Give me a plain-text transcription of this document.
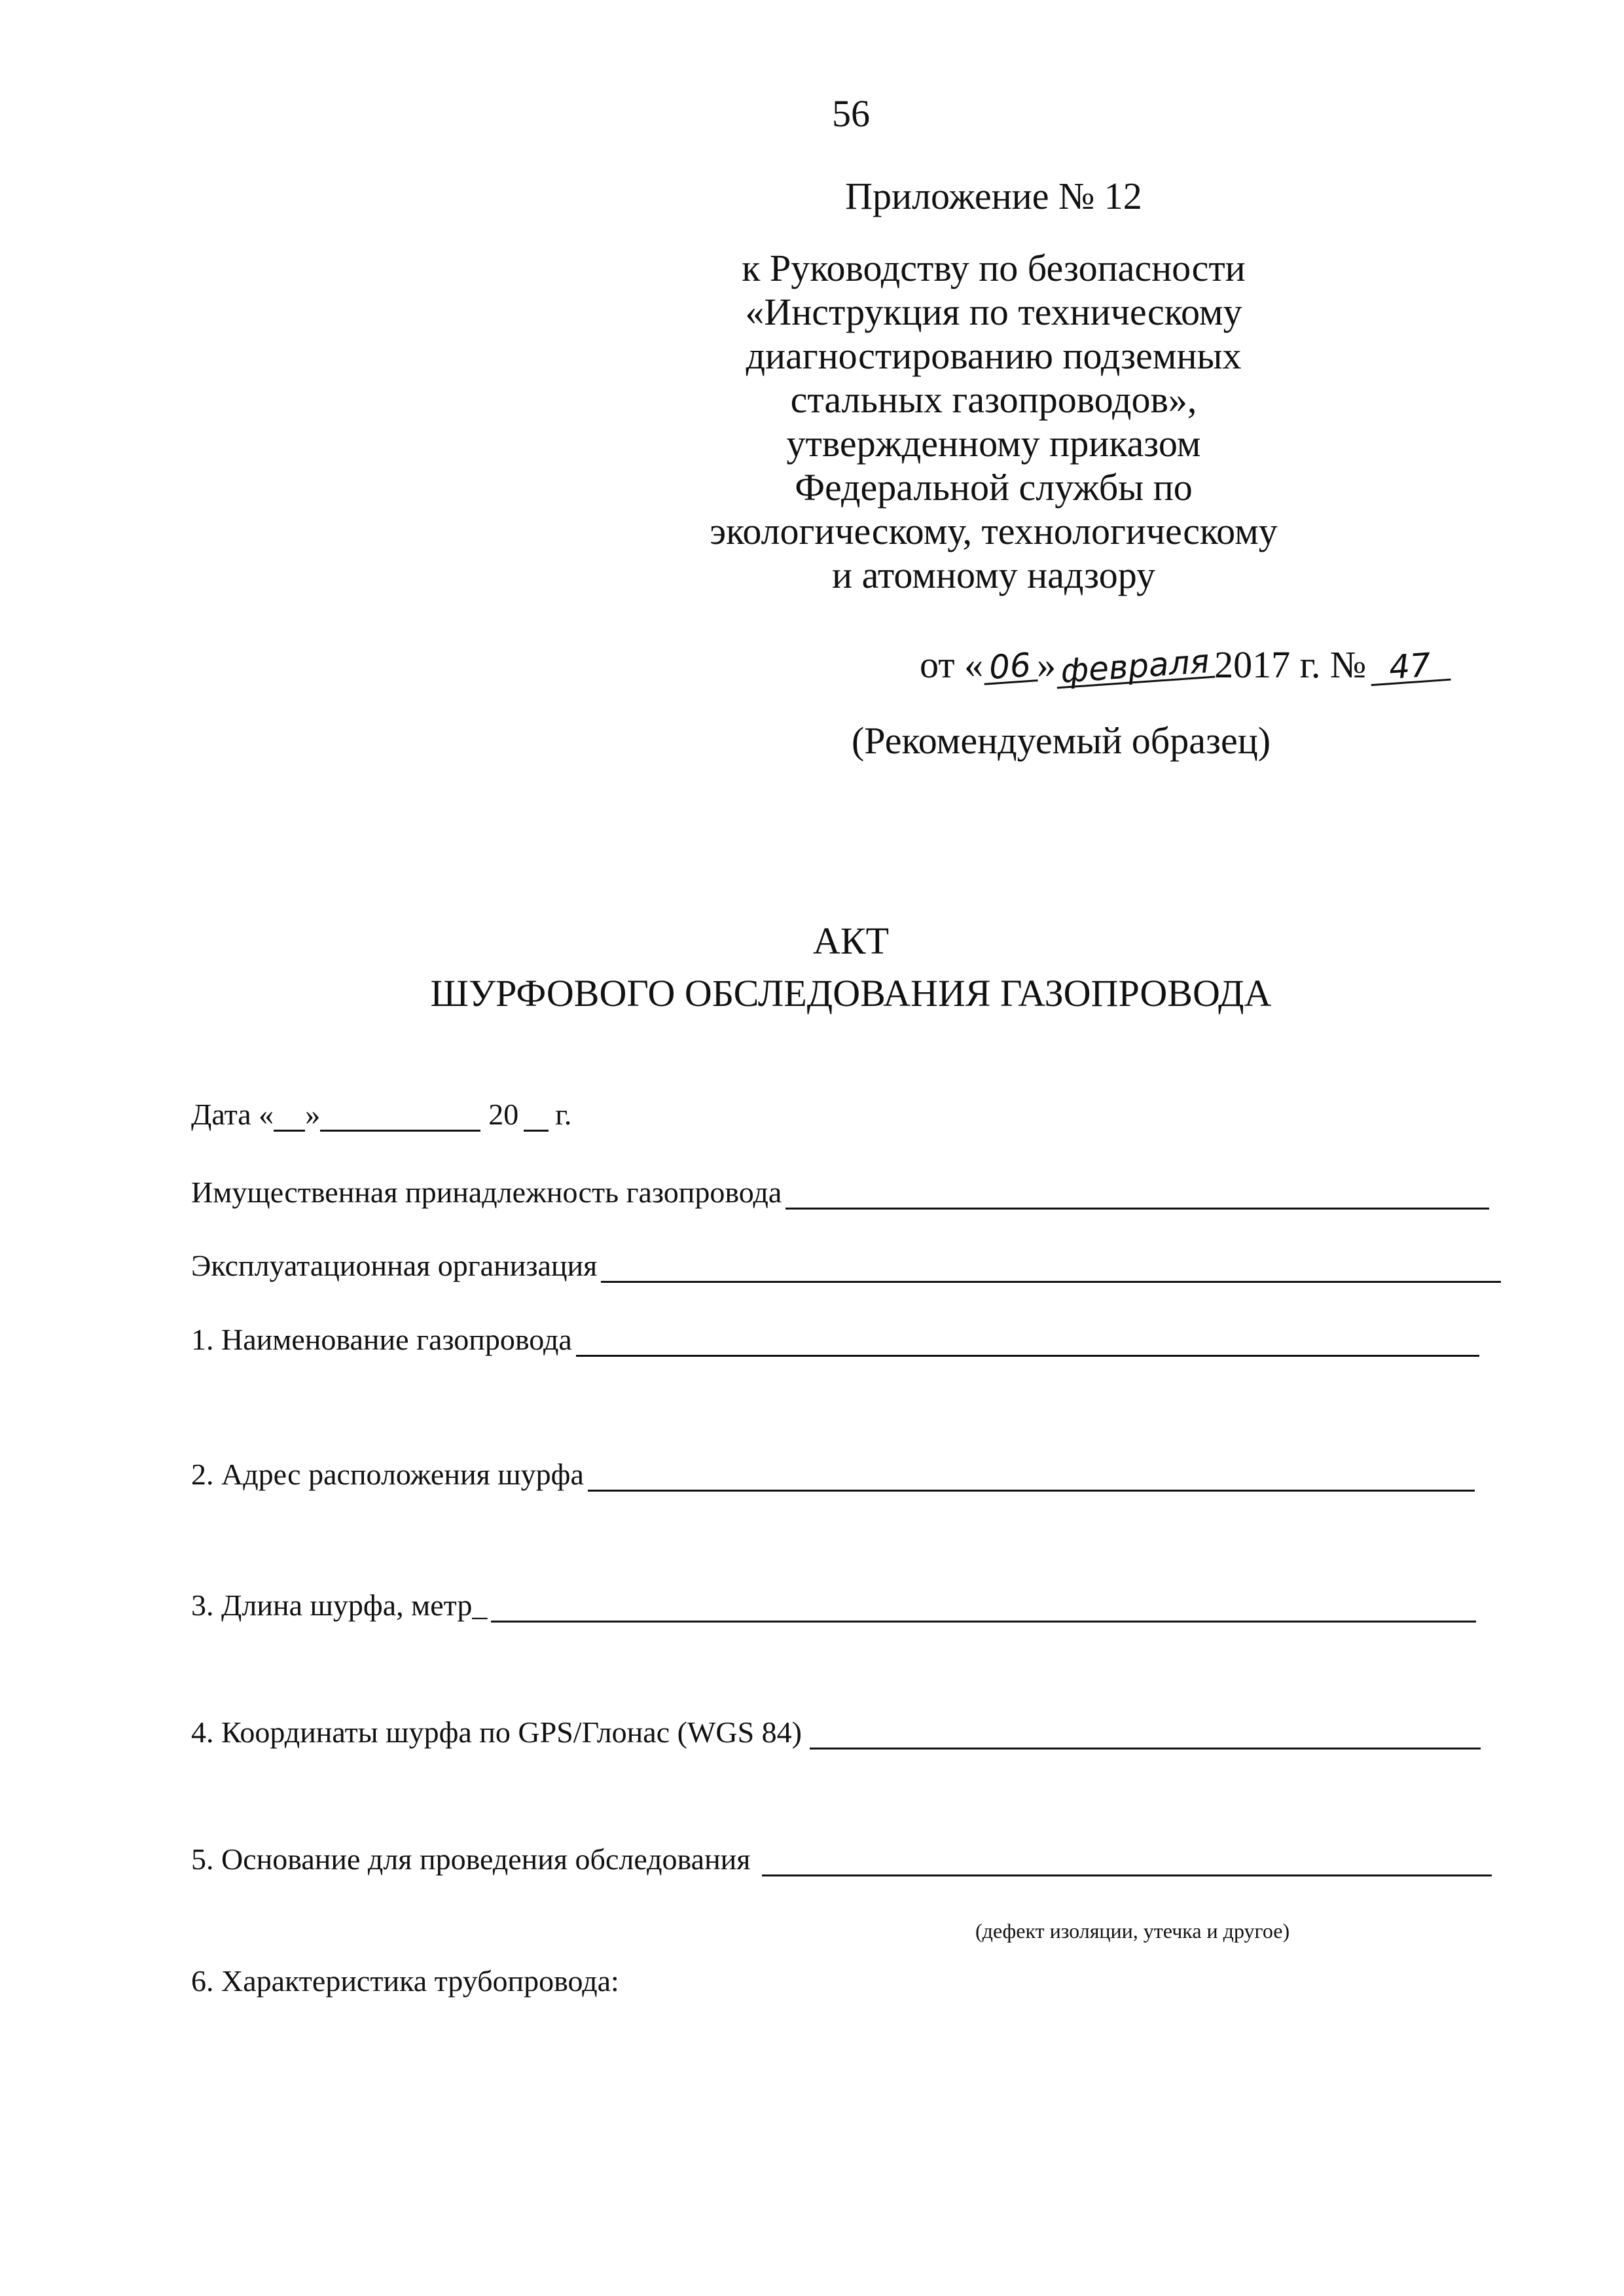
56
Приложение № 12
к Руководству по безопасности
«Инструкция по техническому
диагностированию подземных
стальных газопроводов»,
утвержденному приказом
Федеральной службы по
экологическому, технологическому
и атомному надзору
от « 06 » февраля2017 г. № 47
(Рекомендуемый образец)
АКТ
ШУРФОВОГО ОБСЛЕДОВАНИЯ ГАЗОПРОВОДА
Дата « »	20 г.
Имущественная принадлежность газопровода
Эксплуатационная организация
1. Наименование газопровода
2. Адрес расположения шурфа
3. Длина шурфа, метр_
4. Координаты шурфа по GPS/Глонас (WGS 84)
5. Основание для проведения обследования
(дефект изоляции, утечка и другое)
6. Характеристика трубопровода:
